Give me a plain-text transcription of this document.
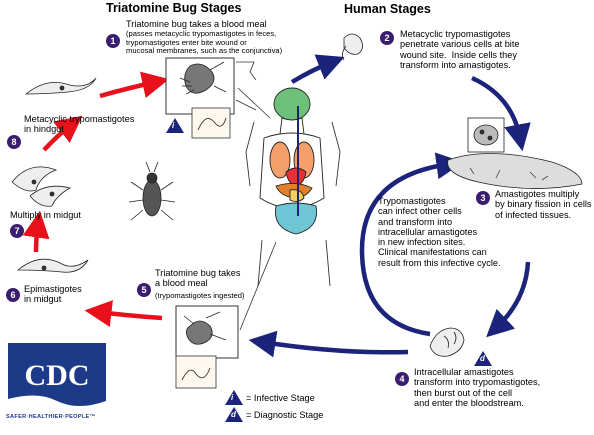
Triatomine Bug Stages	Human Stages
1
Triatomine bug takes a blood meal
(passes metacyclic trypomastigotes in feces,
trypomastigotes enter bite wound or
mucosal membranes, such as the conjunctiva)
i
2	Metacyclic trypomastigotes
penetrate various cells at bite
wound site.  Inside cells they
transform into amastigotes.
3	Amastigotes multiply
by binary fission in cells
of infected tissues.
Trypomastigotes
can infect other cells
and transform into
intracellular amastigotes
in new infection sites.
Clinical manifestations can
result from this infective cycle.
d
4
Intracellular amastigotes
transform into trypomastigotes,
then burst out of the cell
and enter the bloodstream.
5
Triatomine bug takes
a blood meal
(trypomastigotes ingested)
6
Epimastigotes
in midgut
Multiply in midgut
7
Metacyclic trypomastigotes
in hindgut
8
i = Infective Stage
d = Diagnostic Stage
CDC
SAFER·HEALTHIER·PEOPLE™
